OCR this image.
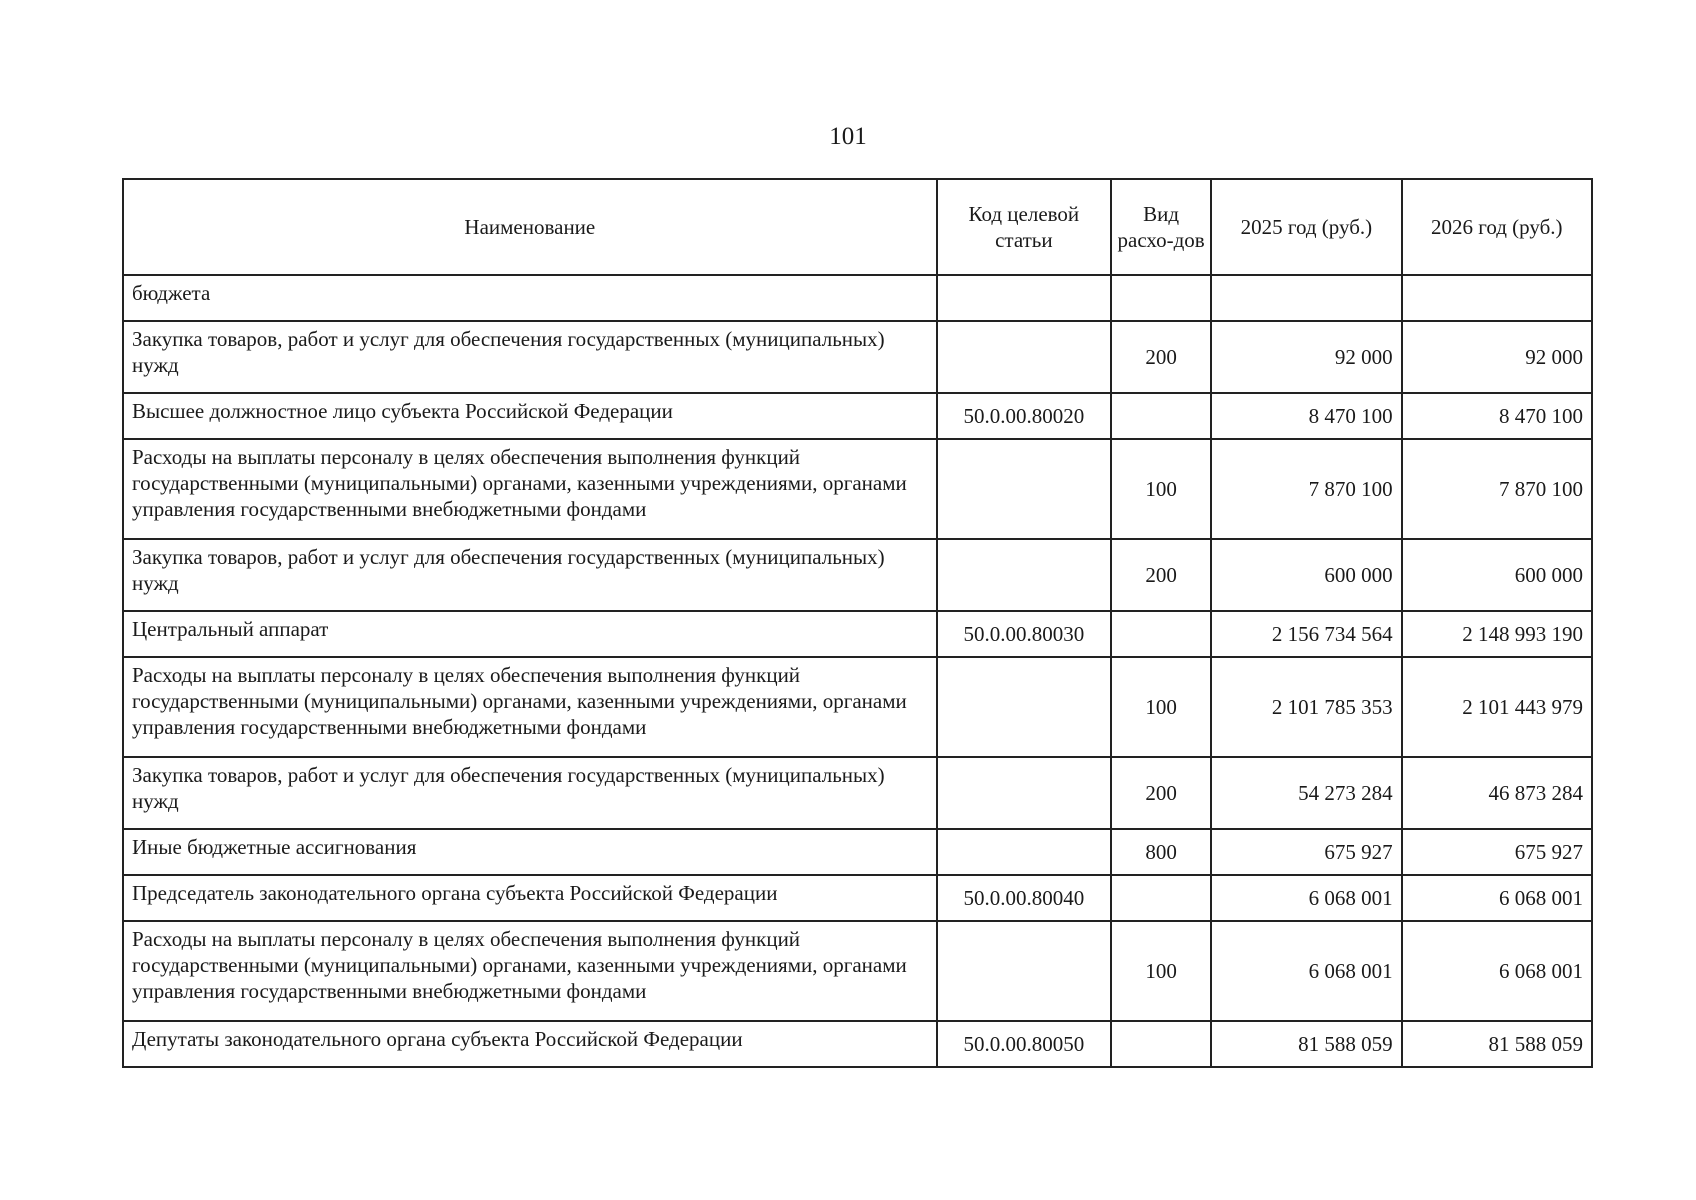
101
Наименование	Код целевой статьи	Вид расхо-дов	2025 год (руб.)	2026 год (руб.)
бюджета				
Закупка товаров, работ и услуг для обеспечения государственных (муниципальных) нужд		200	92 000	92 000
Высшее должностное лицо субъекта Российской Федерации	50.0.00.80020		8 470 100	8 470 100
Расходы на выплаты персоналу в целях обеспечения выполнения функций государственными (муниципальными) органами, казенными учреждениями, органами управления государственными внебюджетными фондами		100	7 870 100	7 870 100
Закупка товаров, работ и услуг для обеспечения государственных (муниципальных) нужд		200	600 000	600 000
Центральный аппарат	50.0.00.80030		2 156 734 564	2 148 993 190
Расходы на выплаты персоналу в целях обеспечения выполнения функций государственными (муниципальными) органами, казенными учреждениями, органами управления государственными внебюджетными фондами		100	2 101 785 353	2 101 443 979
Закупка товаров, работ и услуг для обеспечения государственных (муниципальных) нужд		200	54 273 284	46 873 284
Иные бюджетные ассигнования		800	675 927	675 927
Председатель законодательного органа субъекта Российской Федерации	50.0.00.80040		6 068 001	6 068 001
Расходы на выплаты персоналу в целях обеспечения выполнения функций государственными (муниципальными) органами, казенными учреждениями, органами управления государственными внебюджетными фондами		100	6 068 001	6 068 001
Депутаты законодательного органа субъекта Российской Федерации	50.0.00.80050		81 588 059	81 588 059
